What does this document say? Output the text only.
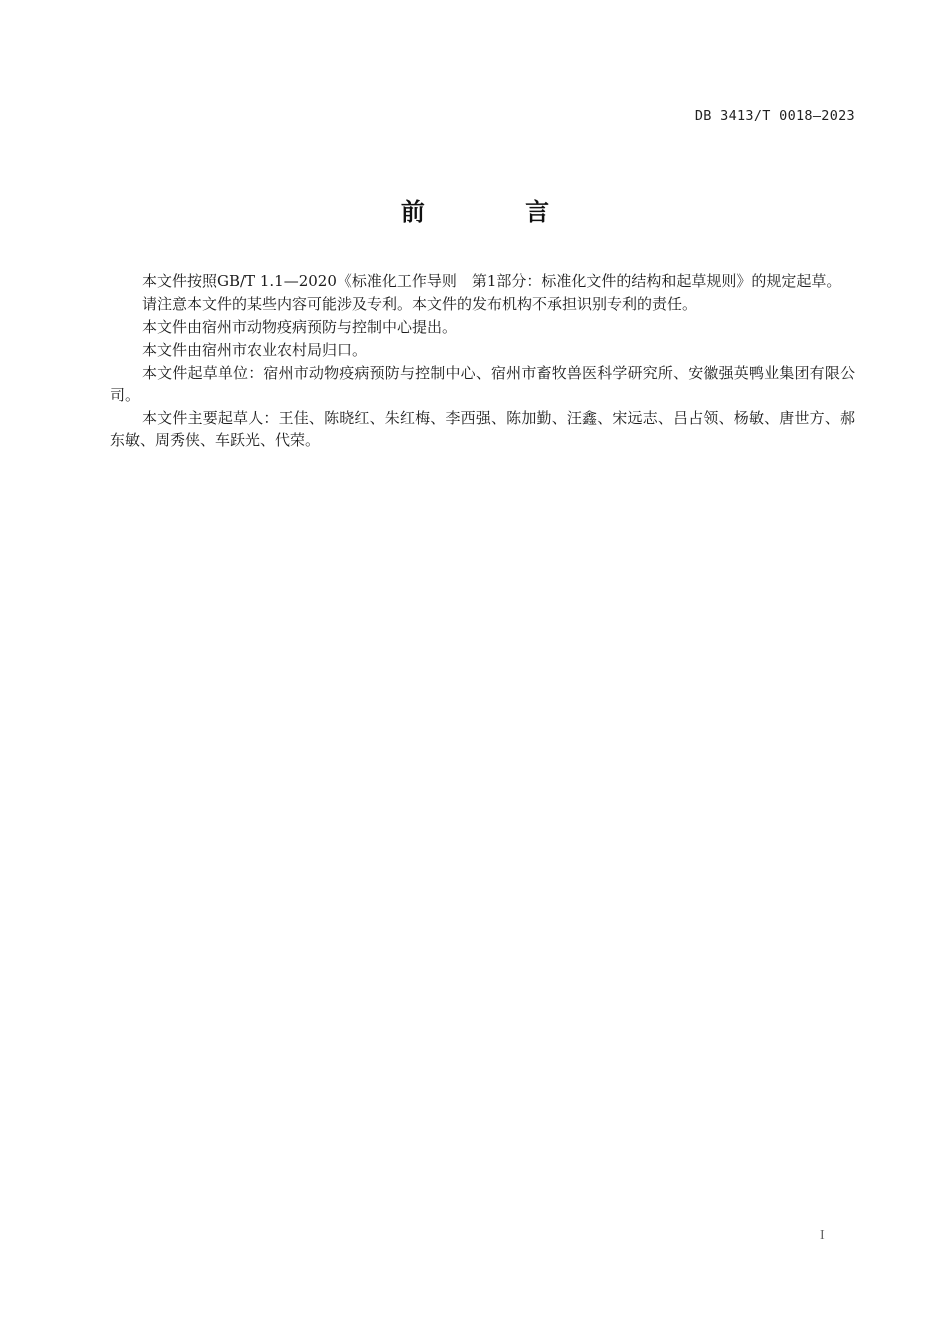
DB 3413/T 0018—2023
前 言

本文件按照GB/T 1.1—2020《标准化工作导则　第1部分：标准化文件的结构和起草规则》的规定起草。

请注意本文件的某些内容可能涉及专利。本文件的发布机构不承担识别专利的责任。

本文件由宿州市动物疫病预防与控制中心提出。

本文件由宿州市农业农村局归口。

本文件起草单位：宿州市动物疫病预防与控制中心、宿州市畜牧兽医科学研究所、安徽强英鸭业集团有限公司。

本文件主要起草人：王佳、陈晓红、朱红梅、李西强、陈加勤、汪鑫、宋远志、吕占领、杨敏、唐世方、郝东敏、周秀侠、车跃光、代荣。

I
